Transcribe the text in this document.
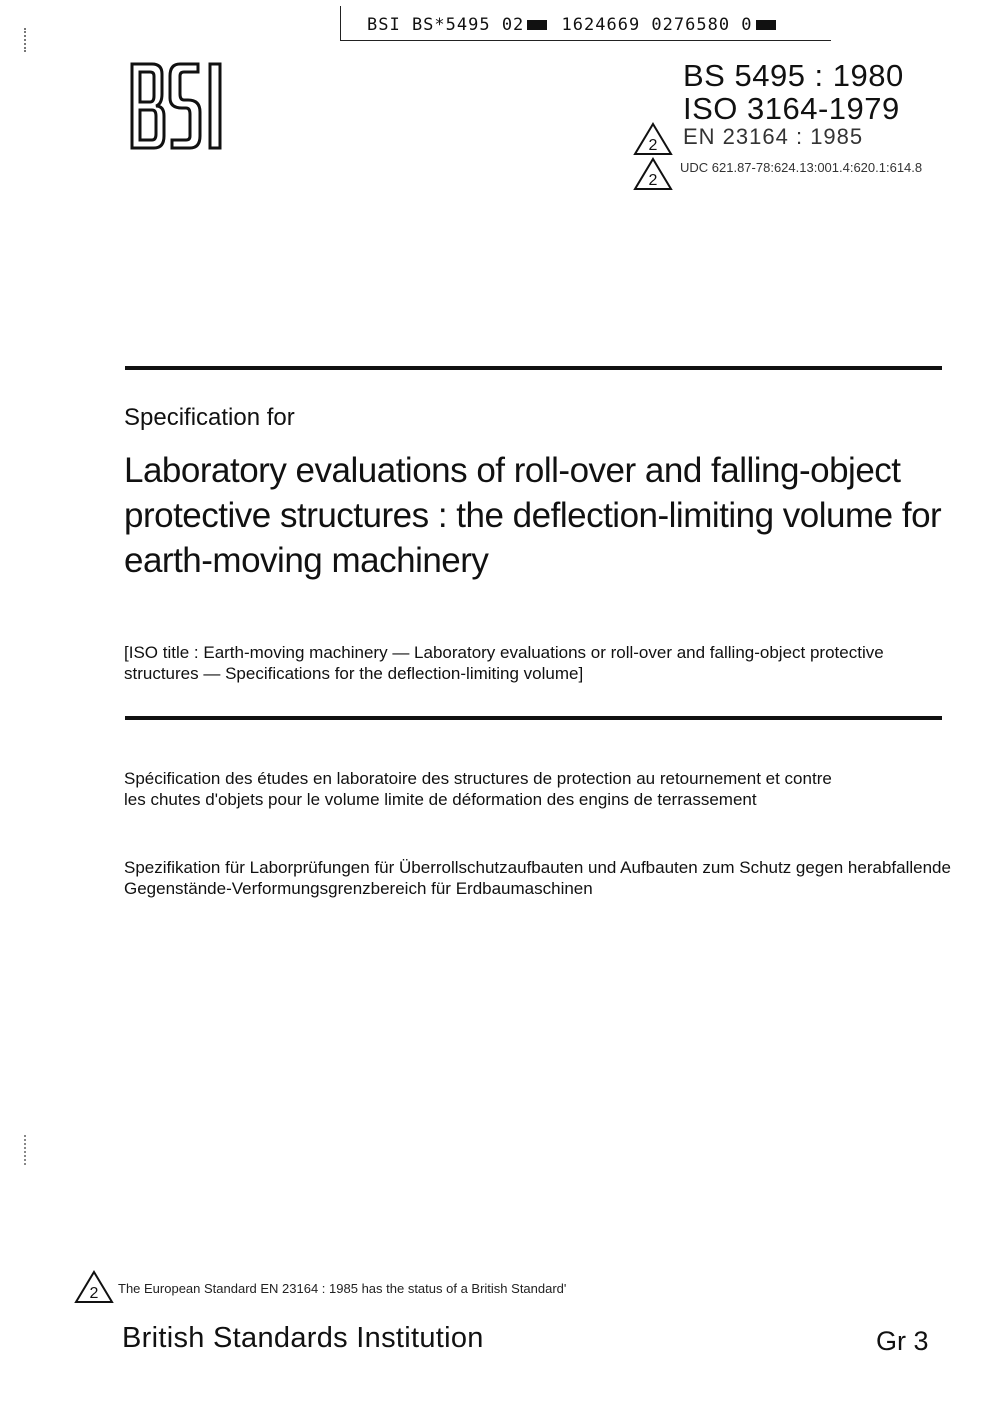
BSI BS*5495 02 1624669 0276580 0
BS 5495 : 1980
ISO 3164-1979
2 EN 23164 : 1985
2
UDC 621.87-78:624.13:001.4:620.1:614.8
Specification for
Laboratory evaluations of roll-over and falling-object protective structures : the deflection-limiting volume for earth-moving machinery
[ISO title : Earth-moving machinery — Laboratory evaluations or roll-over and falling-object protective structures — Specifications for the deflection-limiting volume]
Spécification des études en laboratoire des structures de protection au retournement et contre les chutes d'objets pour le volume limite de déformation des engins de terrassement
Spezifikation für Laborprüfungen für Überrollschutzaufbauten und Aufbauten zum Schutz gegen herabfallende Gegenstände-Verformungsgrenzbereich für Erdbaumaschinen
2 The European Standard EN 23164 : 1985 has the status of a British Standard'
British Standards Institution	Gr 3
